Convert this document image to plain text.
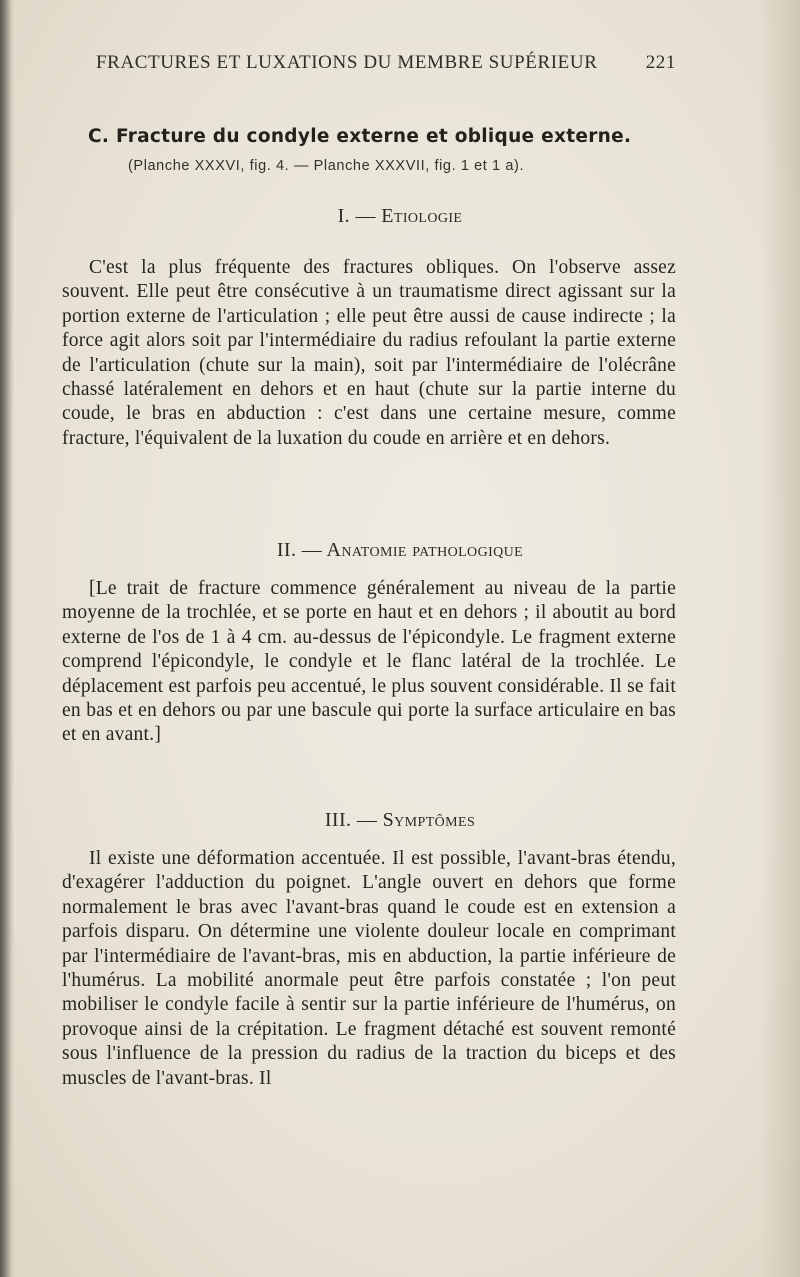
FRACTURES ET LUXATIONS DU MEMBRE SUPÉRIEUR	221
C. Fracture du condyle externe et oblique externe.
(Planche XXXVI, fig. 4. — Planche XXXVII, fig. 1 et 1 a).
I. — Etiologie

C'est la plus fréquente des fractures obliques. On l'observe assez souvent. Elle peut être consécutive à un traumatisme direct agissant sur la portion externe de l'articulation ; elle peut être aussi de cause indirecte ; la force agit alors soit par l'intermédiaire du radius refoulant la partie externe de l'articulation (chute sur la main), soit par l'intermédiaire de l'olécrâne chassé latéralement en dehors et en haut (chute sur la partie interne du coude, le bras en abduction : c'est dans une certaine mesure, comme fracture, l'équivalent de la luxation du coude en arrière et en dehors.

II. — Anatomie pathologique

[Le trait de fracture commence généralement au niveau de la partie moyenne de la trochlée, et se porte en haut et en dehors ; il aboutit au bord externe de l'os de 1 à 4 cm. au-dessus de l'épicondyle. Le fragment externe comprend l'épicondyle, le condyle et le flanc latéral de la trochlée. Le déplacement est parfois peu accentué, le plus souvent considérable. Il se fait en bas et en dehors ou par une bascule qui porte la surface articulaire en bas et en avant.]

III. — Symptômes

Il existe une déformation accentuée. Il est possible, l'avant-bras étendu, d'exagérer l'adduction du poignet. L'angle ouvert en dehors que forme normalement le bras avec l'avant-bras quand le coude est en extension a parfois disparu. On détermine une violente douleur locale en comprimant par l'intermédiaire de l'avant-bras, mis en abduction, la partie inférieure de l'humérus. La mobilité anormale peut être parfois constatée ; l'on peut mobiliser le condyle facile à sentir sur la partie inférieure de l'humérus, on provoque ainsi de la crépitation. Le fragment détaché est souvent remonté sous l'influence de la pression du radius de la traction du biceps et des muscles de l'avant-bras. Il
